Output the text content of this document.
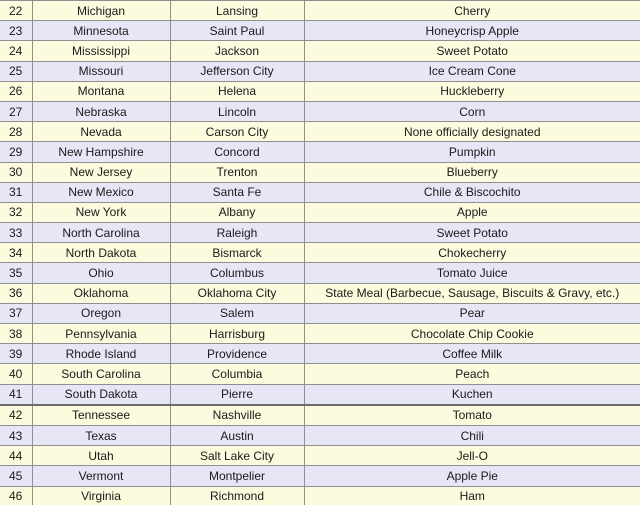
22	Michigan	Lansing	Cherry
23	Minnesota	Saint Paul	Honeycrisp Apple
24	Mississippi	Jackson	Sweet Potato
25	Missouri	Jefferson City	Ice Cream Cone
26	Montana	Helena	Huckleberry
27	Nebraska	Lincoln	Corn
28	Nevada	Carson City	None officially designated
29	New Hampshire	Concord	Pumpkin
30	New Jersey	Trenton	Blueberry
31	New Mexico	Santa Fe	Chile & Biscochito
32	New York	Albany	Apple
33	North Carolina	Raleigh	Sweet Potato
34	North Dakota	Bismarck	Chokecherry
35	Ohio	Columbus	Tomato Juice
36	Oklahoma	Oklahoma City	State Meal (Barbecue, Sausage, Biscuits & Gravy, etc.)
37	Oregon	Salem	Pear
38	Pennsylvania	Harrisburg	Chocolate Chip Cookie
39	Rhode Island	Providence	Coffee Milk
40	South Carolina	Columbia	Peach
41	South Dakota	Pierre	Kuchen
42	Tennessee	Nashville	Tomato
43	Texas	Austin	Chili
44	Utah	Salt Lake City	Jell-O
45	Vermont	Montpelier	Apple Pie
46	Virginia	Richmond	Ham
